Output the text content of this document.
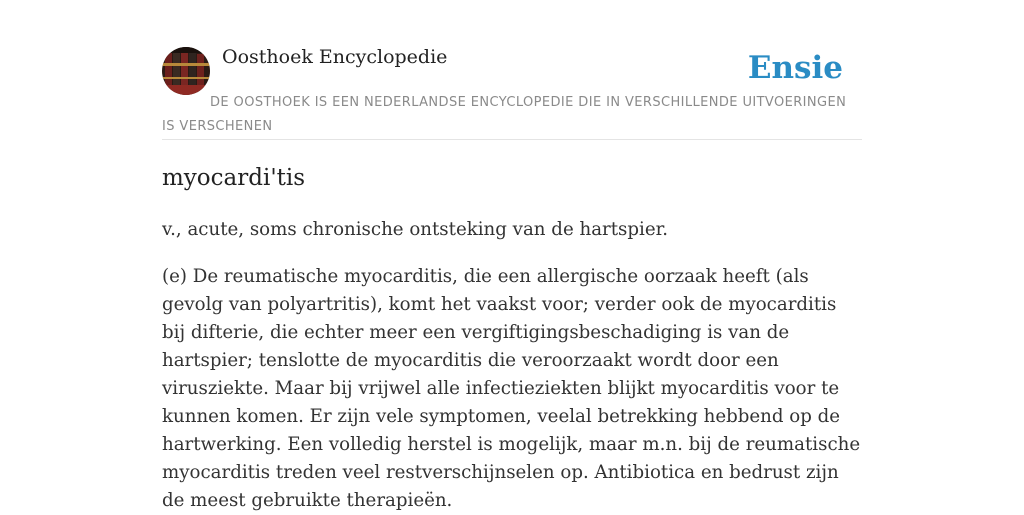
Oosthoek Encyclopedie	Ensie
DE OOSTHOEK IS EEN NEDERLANDSE ENCYCLOPEDIE DIE IN VERSCHILLENDE UITVOERINGEN IS VERSCHENEN
myocardi'tis

v., acute, soms chronische ontsteking van de hartspier.

(e) De reumatische myocarditis, die een allergische oorzaak heeft (als gevolg van polyartritis), komt het vaakst voor; verder ook de myocarditis bij difterie, die echter meer een vergiftigingsbeschadiging is van de hartspier; tenslotte de myocarditis die veroorzaakt wordt door een virusziekte. Maar bij vrijwel alle infectieziekten blijkt myocarditis voor te kunnen komen. Er zijn vele symptomen, veelal betrekking hebbend op de hartwerking. Een volledig herstel is mogelijk, maar m.n. bij de reumatische myocarditis treden veel restverschijnselen op. Antibiotica en bedrust zijn de meest gebruikte therapieën.
